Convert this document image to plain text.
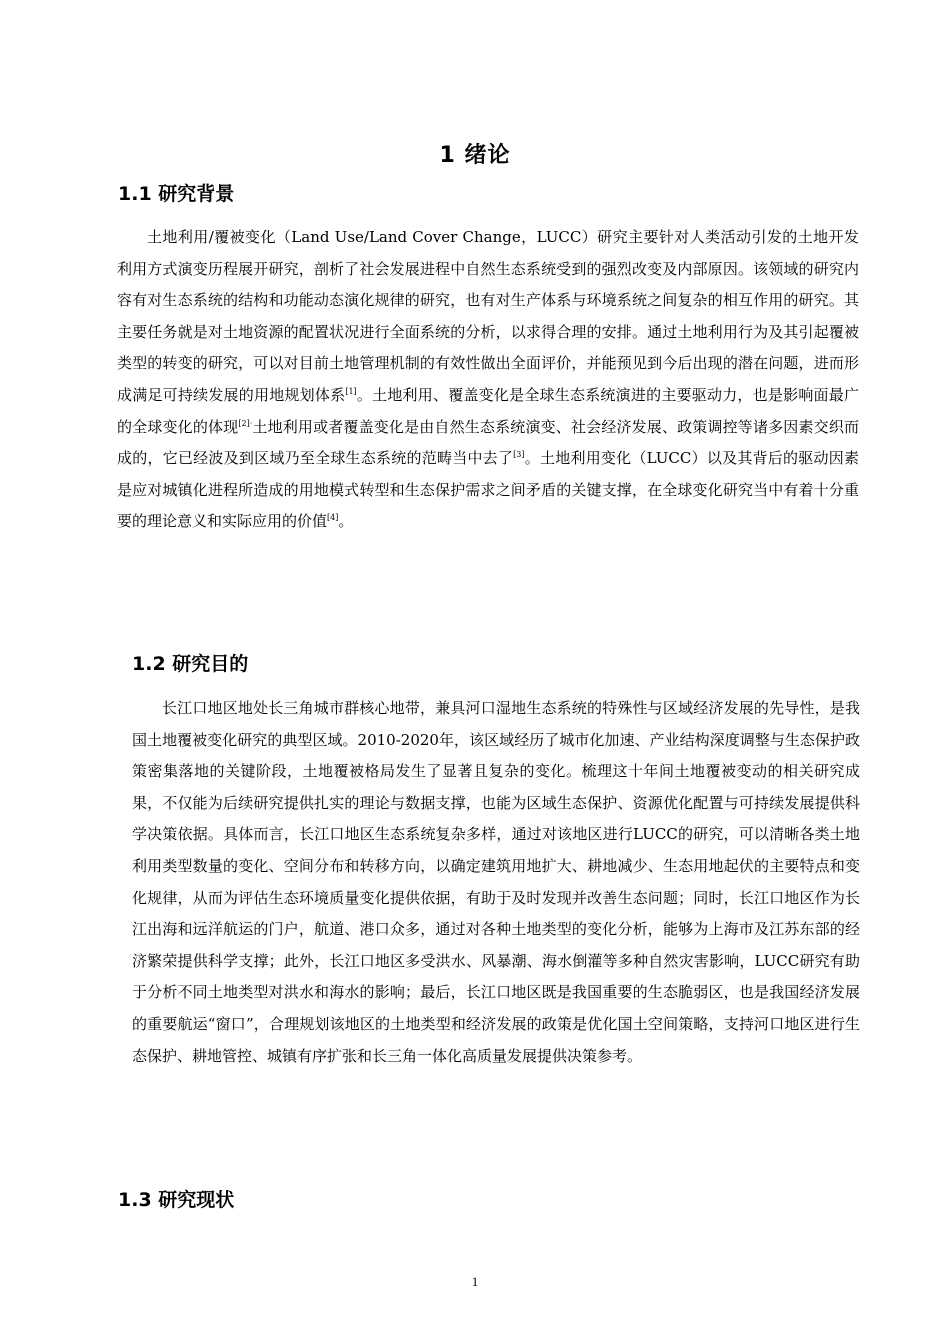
1 绪论
1.1 研究背景

土地利用/覆被变化（Land Use/Land Cover Change，LUCC）研究主要针对人类活动引发的土地开发利用方式演变历程展开研究，剖析了社会发展进程中自然生态系统受到的强烈改变及内部原因。该领域的研究内容有对生态系统的结构和功能动态演化规律的研究，也有对生产体系与环境系统之间复杂的相互作用的研究。其主要任务就是对土地资源的配置状况进行全面系统的分析，以求得合理的安排。通过土地利用行为及其引起覆被类型的转变的研究，可以对目前土地管理机制的有效性做出全面评价，并能预见到今后出现的潜在问题，进而形成满足可持续发展的用地规划体系[1]。土地利用、覆盖变化是全球生态系统演进的主要驱动力，也是影响面最广的全球变化的体现$^{[2]\cdot}$土地利用或者覆盖变化是由自然生态系统演变、社会经济发展、政策调控等诸多因素交织而成的，它已经波及到区域乃至全球生态系统的范畴当中去了[3]。土地利用变化（LUCC）以及其背后的驱动因素是应对城镇化进程所造成的用地模式转型和生态保护需求之间矛盾的关键支撑，在全球变化研究当中有着十分重要的理论意义和实际应用的价值[4]。

1.2 研究目的

长江口地区地处长三角城市群核心地带，兼具河口湿地生态系统的特殊性与区域经济发展的先导性，是我国土地覆被变化研究的典型区域。2010-2020年，该区域经历了城市化加速、产业结构深度调整与生态保护政策密集落地的关键阶段，土地覆被格局发生了显著且复杂的变化。梳理这十年间土地覆被变动的相关研究成果，不仅能为后续研究提供扎实的理论与数据支撑，也能为区域生态保护、资源优化配置与可持续发展提供科学决策依据。具体而言，长江口地区生态系统复杂多样，通过对该地区进行LUCC的研究，可以清晰各类土地利用类型数量的变化、空间分布和转移方向，以确定建筑用地扩大、耕地减少、生态用地起伏的主要特点和变化规律，从而为评估生态环境质量变化提供依据，有助于及时发现并改善生态问题；同时，长江口地区作为长江出海和远洋航运的门户，航道、港口众多，通过对各种土地类型的变化分析，能够为上海市及江苏东部的经济繁荣提供科学支撑；此外，长江口地区多受洪水、风暴潮、海水倒灌等多种自然灾害影响，LUCC研究有助于分析不同土地类型对洪水和海水的影响；最后，长江口地区既是我国重要的生态脆弱区，也是我国经济发展的重要航运“窗口”，合理规划该地区的土地类型和经济发展的政策是优化国土空间策略，支持河口地区进行生态保护、耕地管控、城镇有序扩张和长三角一体化高质量发展提供决策参考。

1.3 研究现状
1
